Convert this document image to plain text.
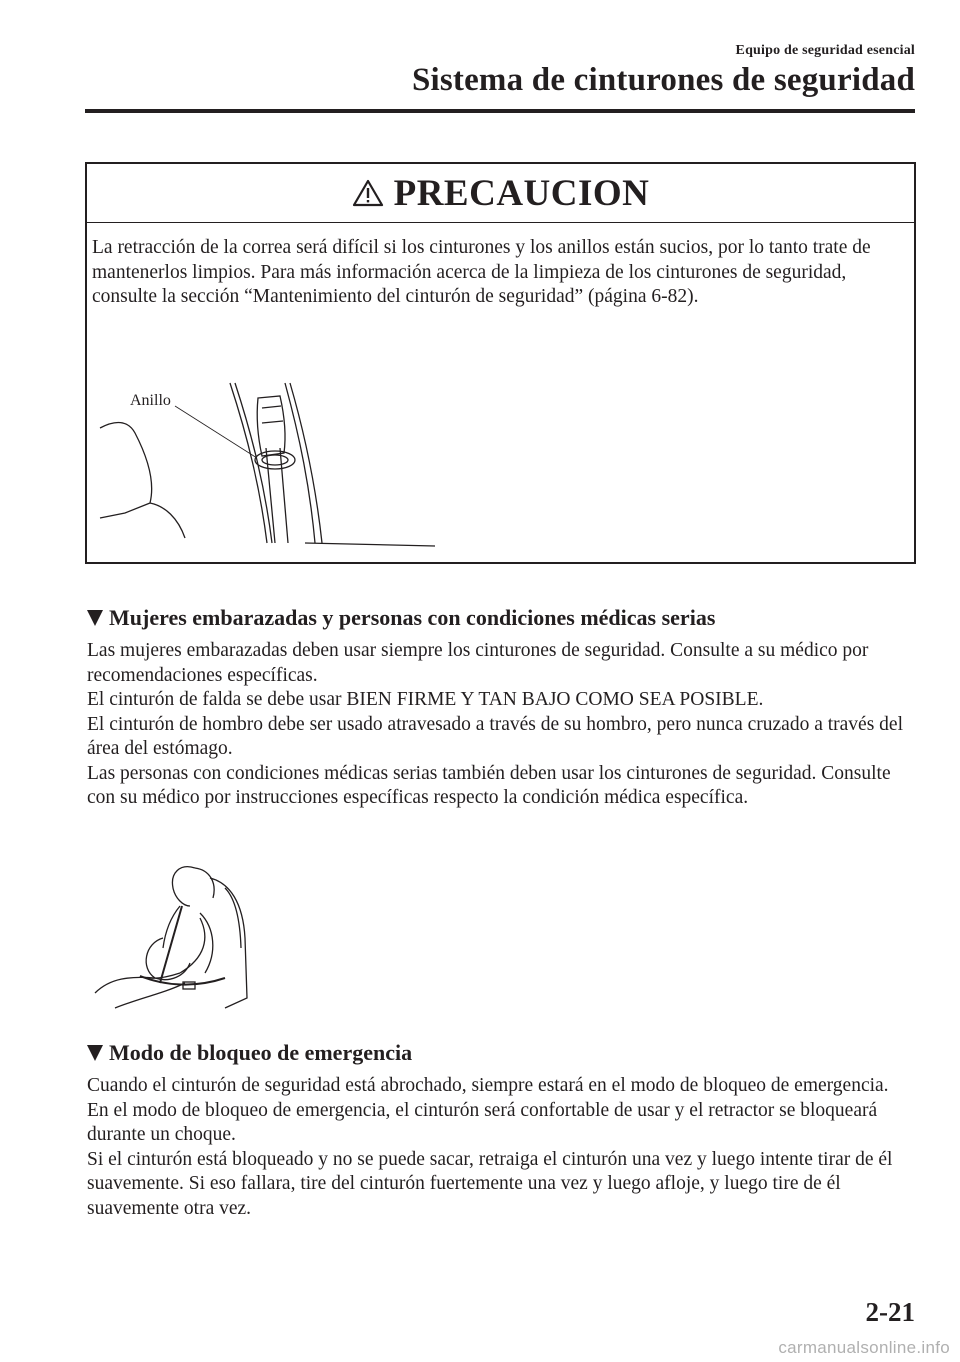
Equipo de seguridad esencial
Sistema de cinturones de seguridad
PRECAUCION
La retracción de la correa será difícil si los cinturones y los anillos están sucios, por lo tanto trate de mantenerlos limpios. Para más información acerca de la limpieza de los cinturones de seguridad, consulte la sección “Mantenimiento del cinturón de seguridad” (página 6-82).
Anillo
Mujeres embarazadas y personas con condiciones médicas serias

Las mujeres embarazadas deben usar siempre los cinturones de seguridad. Consulte a su médico por recomendaciones específicas.

El cinturón de falda se debe usar BIEN FIRME Y TAN BAJO COMO SEA POSIBLE.

El cinturón de hombro debe ser usado atravesado a través de su hombro, pero nunca cruzado a través del área del estómago.

Las personas con condiciones médicas serias también deben usar los cinturones de seguridad. Consulte con su médico por instrucciones específicas respecto la condición médica específica.

Modo de bloqueo de emergencia

Cuando el cinturón de seguridad está abrochado, siempre estará en el modo de bloqueo de emergencia.

En el modo de bloqueo de emergencia, el cinturón será confortable de usar y el retractor se bloqueará durante un choque.

Si el cinturón está bloqueado y no se puede sacar, retraiga el cinturón una vez y luego intente tirar de él suavemente. Si eso fallara, tire del cinturón fuertemente una vez y luego afloje, y luego tire de él suavemente otra vez.

2-21
carmanualsonline.info
